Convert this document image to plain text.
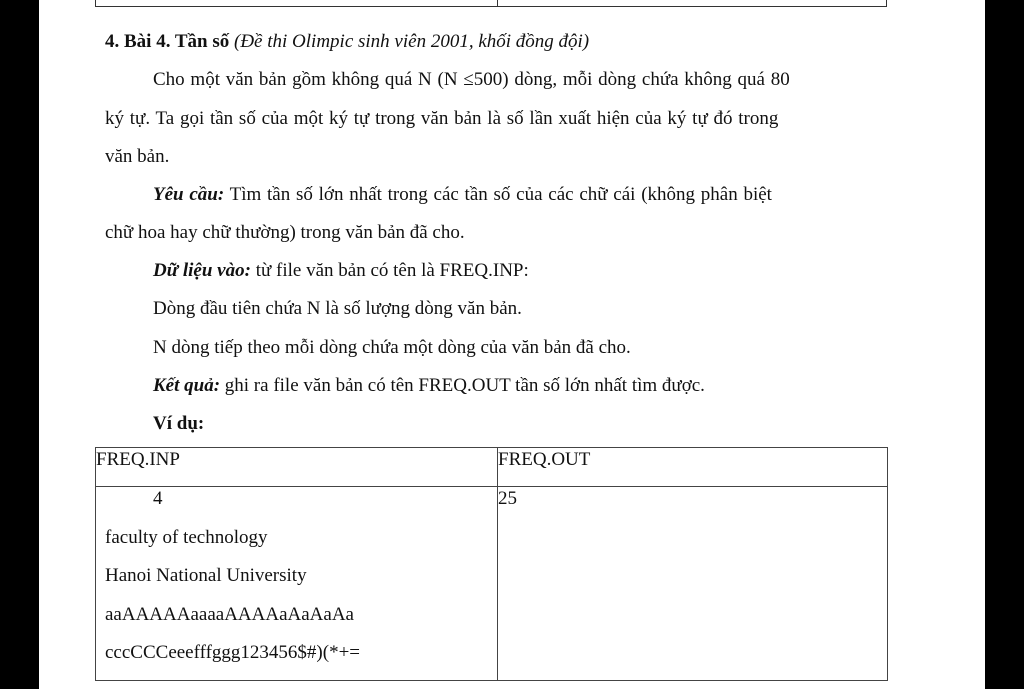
4. Bài 4. Tần số (Đề thi Olimpic sinh viên 2001, khối đồng đội)
Cho một văn bản gồm không quá N (N ≤500) dòng, mỗi dòng chứa không quá 80
ký tự. Ta gọi tần số của một ký tự trong văn bản là số lần xuất hiện của ký tự đó trong
văn bản.
Yêu cầu: Tìm tần số lớn nhất trong các tần số của các chữ cái (không phân biệt
chữ hoa hay chữ thường) trong văn bản đã cho.
Dữ liệu vào: từ file văn bản có tên là FREQ.INP:
Dòng đầu tiên chứa N là số lượng dòng văn bản.
N dòng tiếp theo mỗi dòng chứa một dòng của văn bản đã cho.
Kết quả: ghi ra file văn bản có tên FREQ.OUT tần số lớn nhất tìm được.
Ví dụ:
FREQ.INP	FREQ.OUT

4
faculty of technology
Hanoi National University
aaAAAAAaaaaAAAAaAaAaAa
cccCCCeeefffggg123456$#)(*+=	25
